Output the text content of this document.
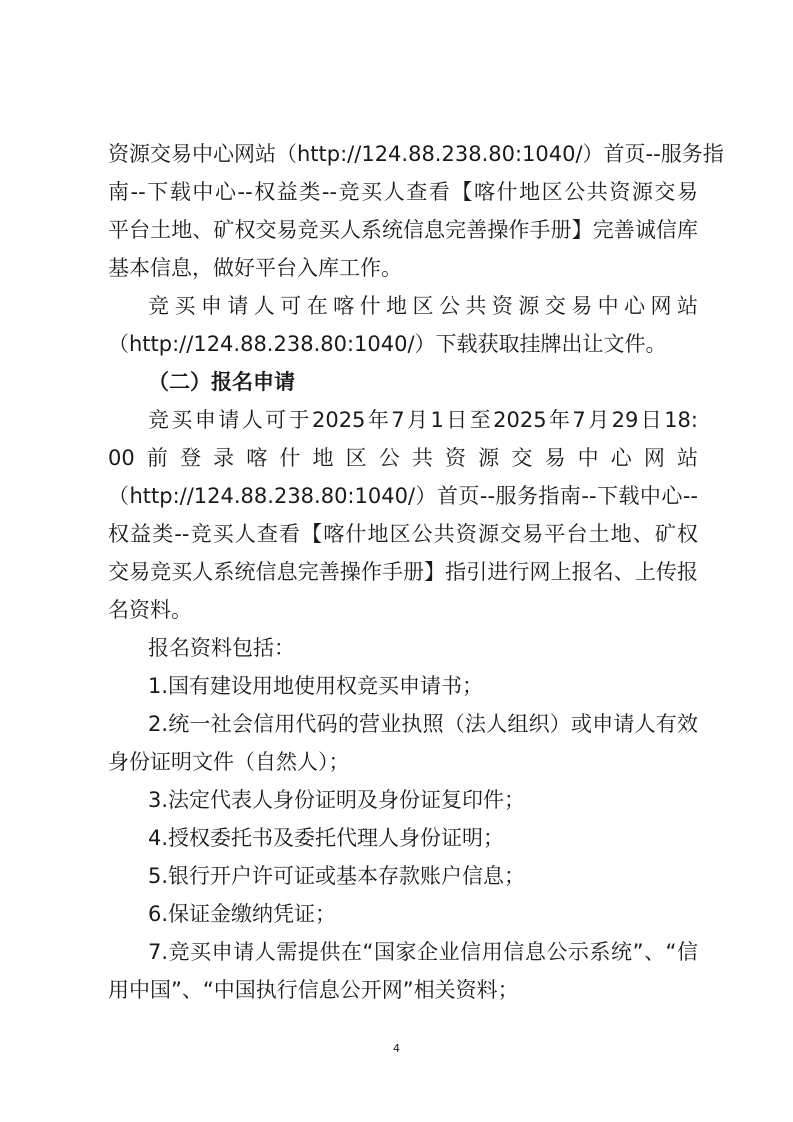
资源交易中心网站（http://124.88.238.80:1040/）首页--服务指
南--下载中心--权益类--竞买人查看【喀什地区公共资源交易
平台土地、矿权交易竞买人系统信息完善操作手册】完善诚信库
基本信息，做好平台入库工作。
竞买申请人可在喀什地区公共资源交易中心网站
（http://124.88.238.80:1040/）下载获取挂牌出让文件。
（二）报名申请
竞买申请人可于2025年7月1日至2025年7月29日18:
00前登录喀什地区公共资源交易中心网站
（http://124.88.238.80:1040/）首页--服务指南--下载中心--
权益类--竞买人查看【喀什地区公共资源交易平台土地、矿权
交易竞买人系统信息完善操作手册】指引进行网上报名、上传报
名资料。
报名资料包括：
1.国有建设用地使用权竞买申请书；
2.统一社会信用代码的营业执照（法人组织）或申请人有效
身份证明文件（自然人）；
3.法定代表人身份证明及身份证复印件；
4.授权委托书及委托代理人身份证明；
5.银行开户许可证或基本存款账户信息；
6.保证金缴纳凭证；
7.竞买申请人需提供在“国家企业信用信息公示系统”、“信
用中国”、“中国执行信息公开网”相关资料；
4
